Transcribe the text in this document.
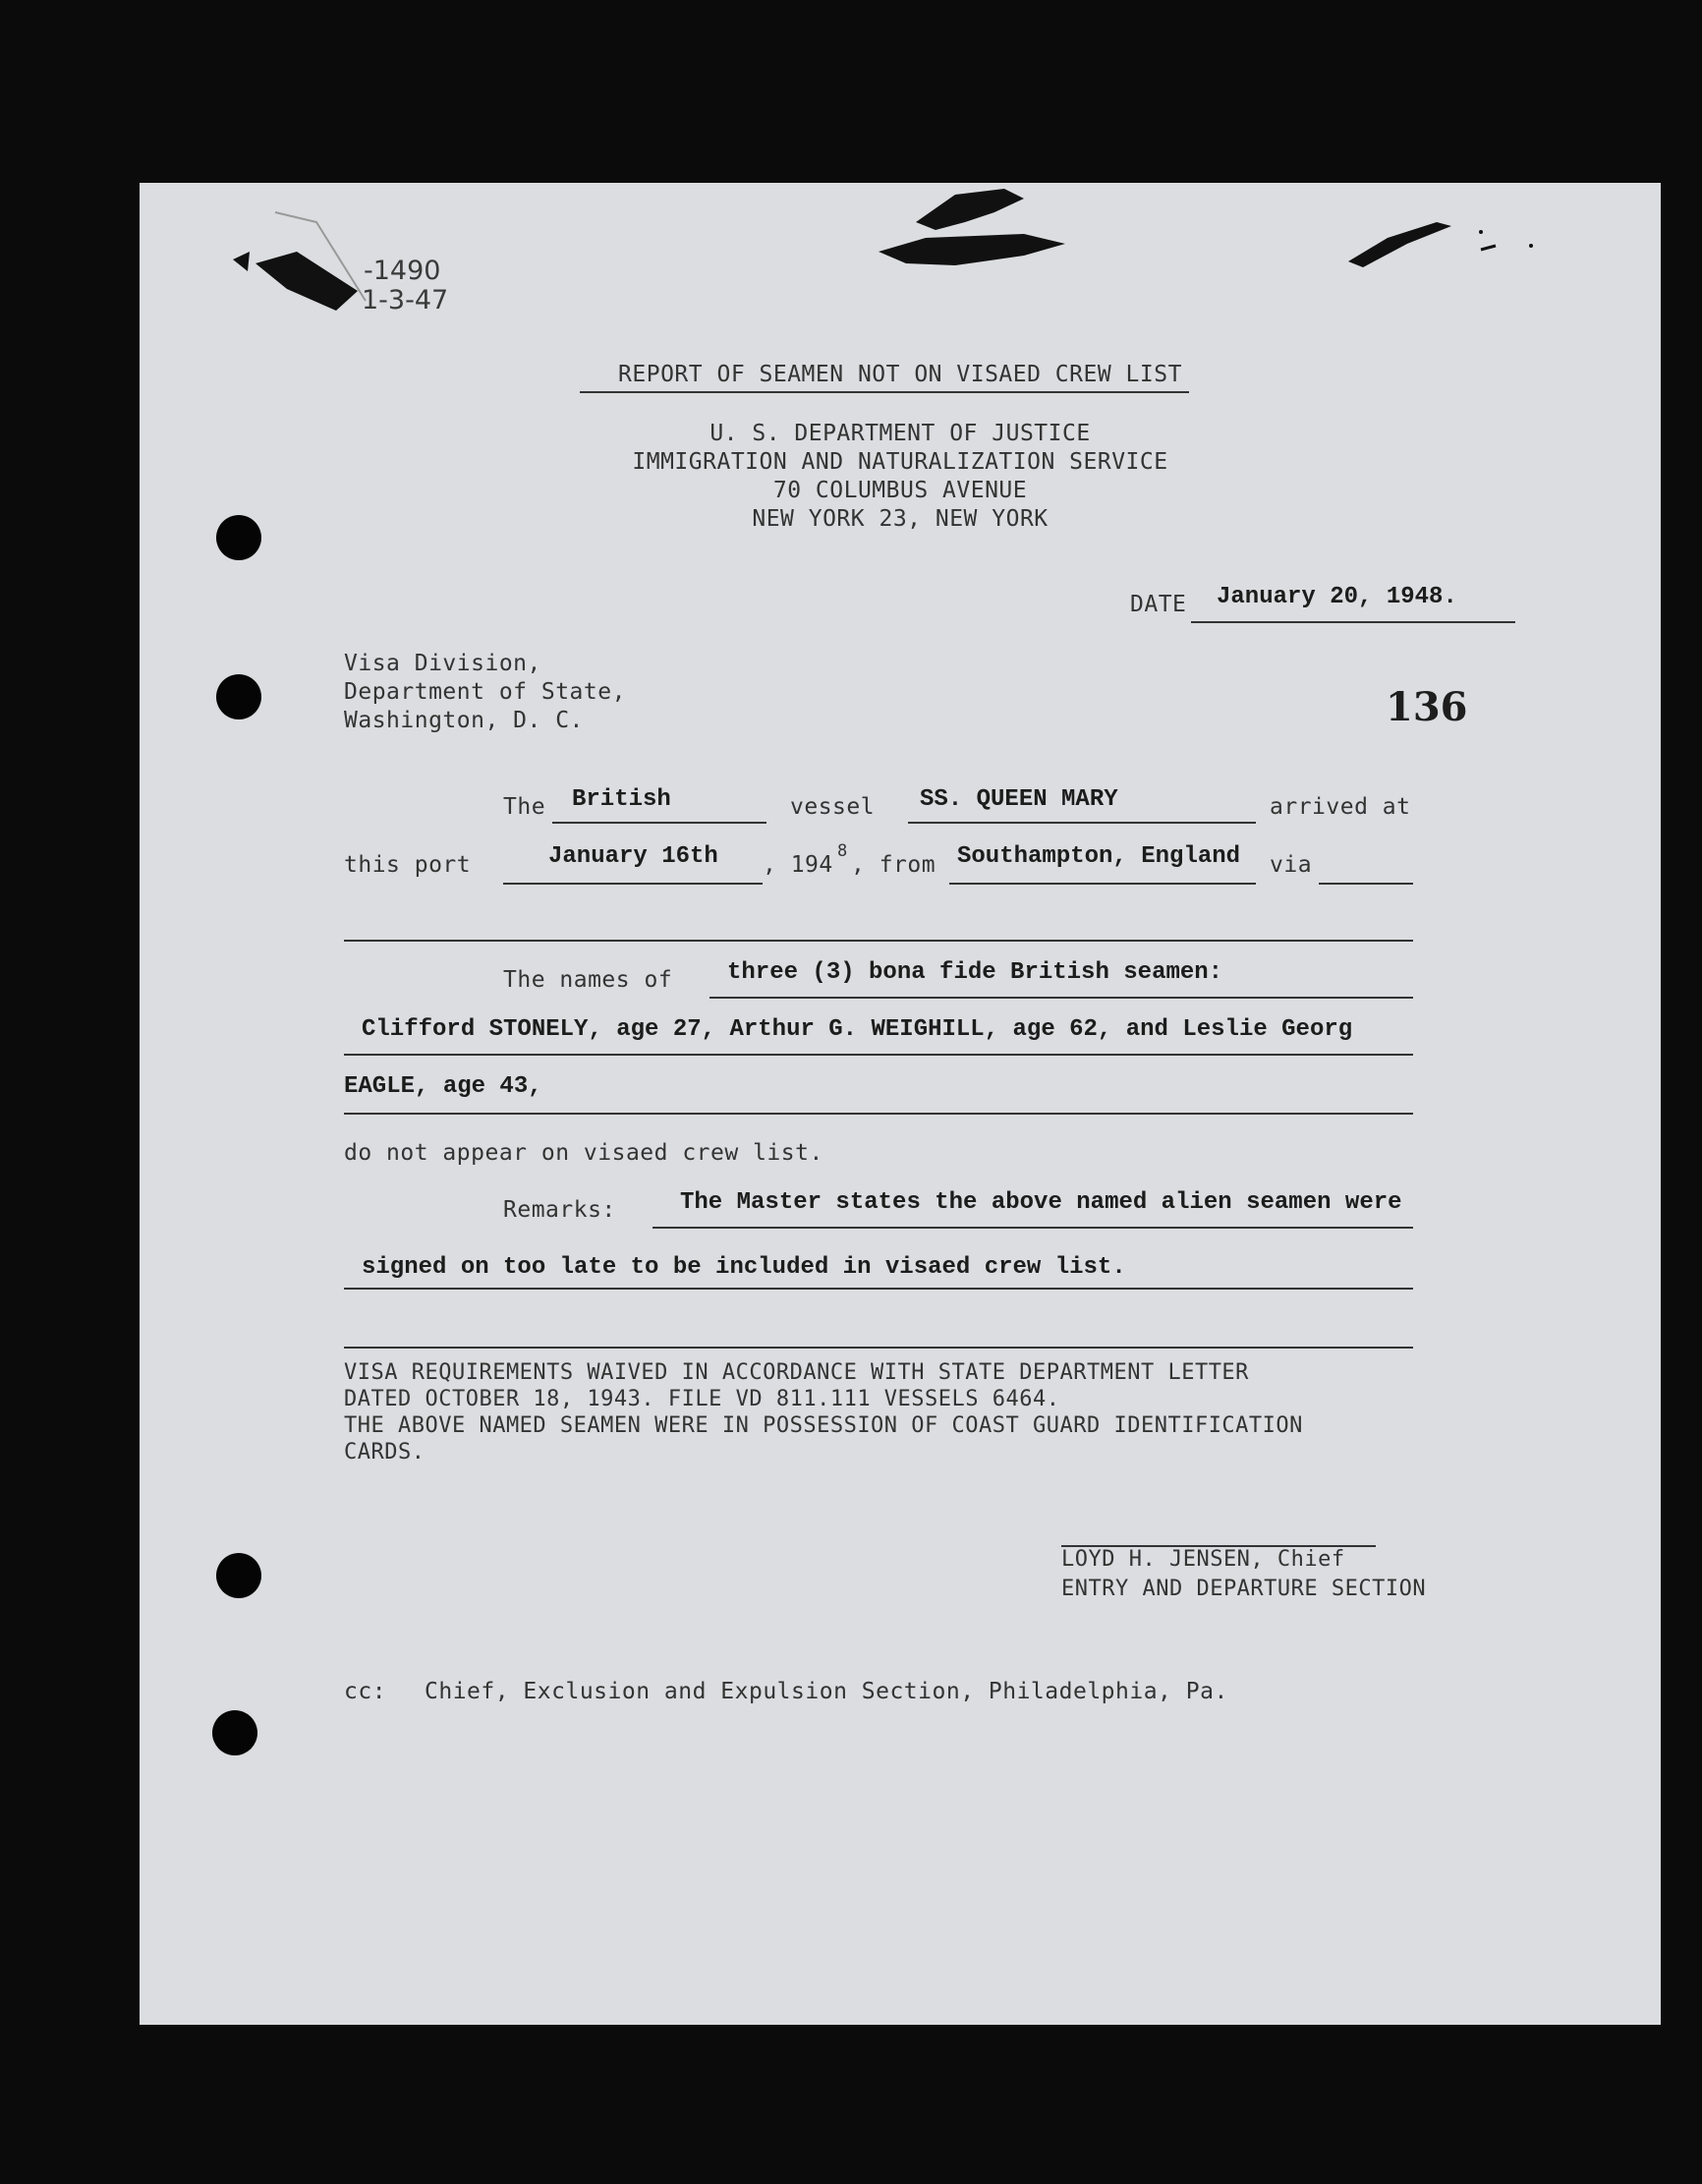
-1490
1-3-47
REPORT OF SEAMEN NOT ON VISAED CREW LIST
U. S. DEPARTMENT OF JUSTICE
IMMIGRATION AND NATURALIZATION SERVICE
70 COLUMBUS AVENUE
NEW YORK 23, NEW YORK
DATE January 20, 1948.
Visa Division,
Department of State,
Washington, D. C.	136
The British	vessel SS. QUEEN MARY	arrived at
this port	January 16th , 194
8
, from Southampton, England via
The names of three (3) bona fide British seamen:
Clifford STONELY, age 27, Arthur G. WEIGHILL, age 62, and Leslie Georg
EAGLE, age 43,
do not appear on visaed crew list.
Remarks:	The Master states the above named alien seamen were
signed on too late to be included in visaed crew list.
VISA REQUIREMENTS WAIVED IN ACCORDANCE WITH STATE DEPARTMENT LETTER
DATED OCTOBER 18, 1943. FILE VD 811.111 VESSELS 6464.
THE ABOVE NAMED SEAMEN WERE IN POSSESSION OF COAST GUARD IDENTIFICATION
CARDS.
LOYD H. JENSEN, Chief
ENTRY AND DEPARTURE SECTION
cc: Chief, Exclusion and Expulsion Section, Philadelphia, Pa.
